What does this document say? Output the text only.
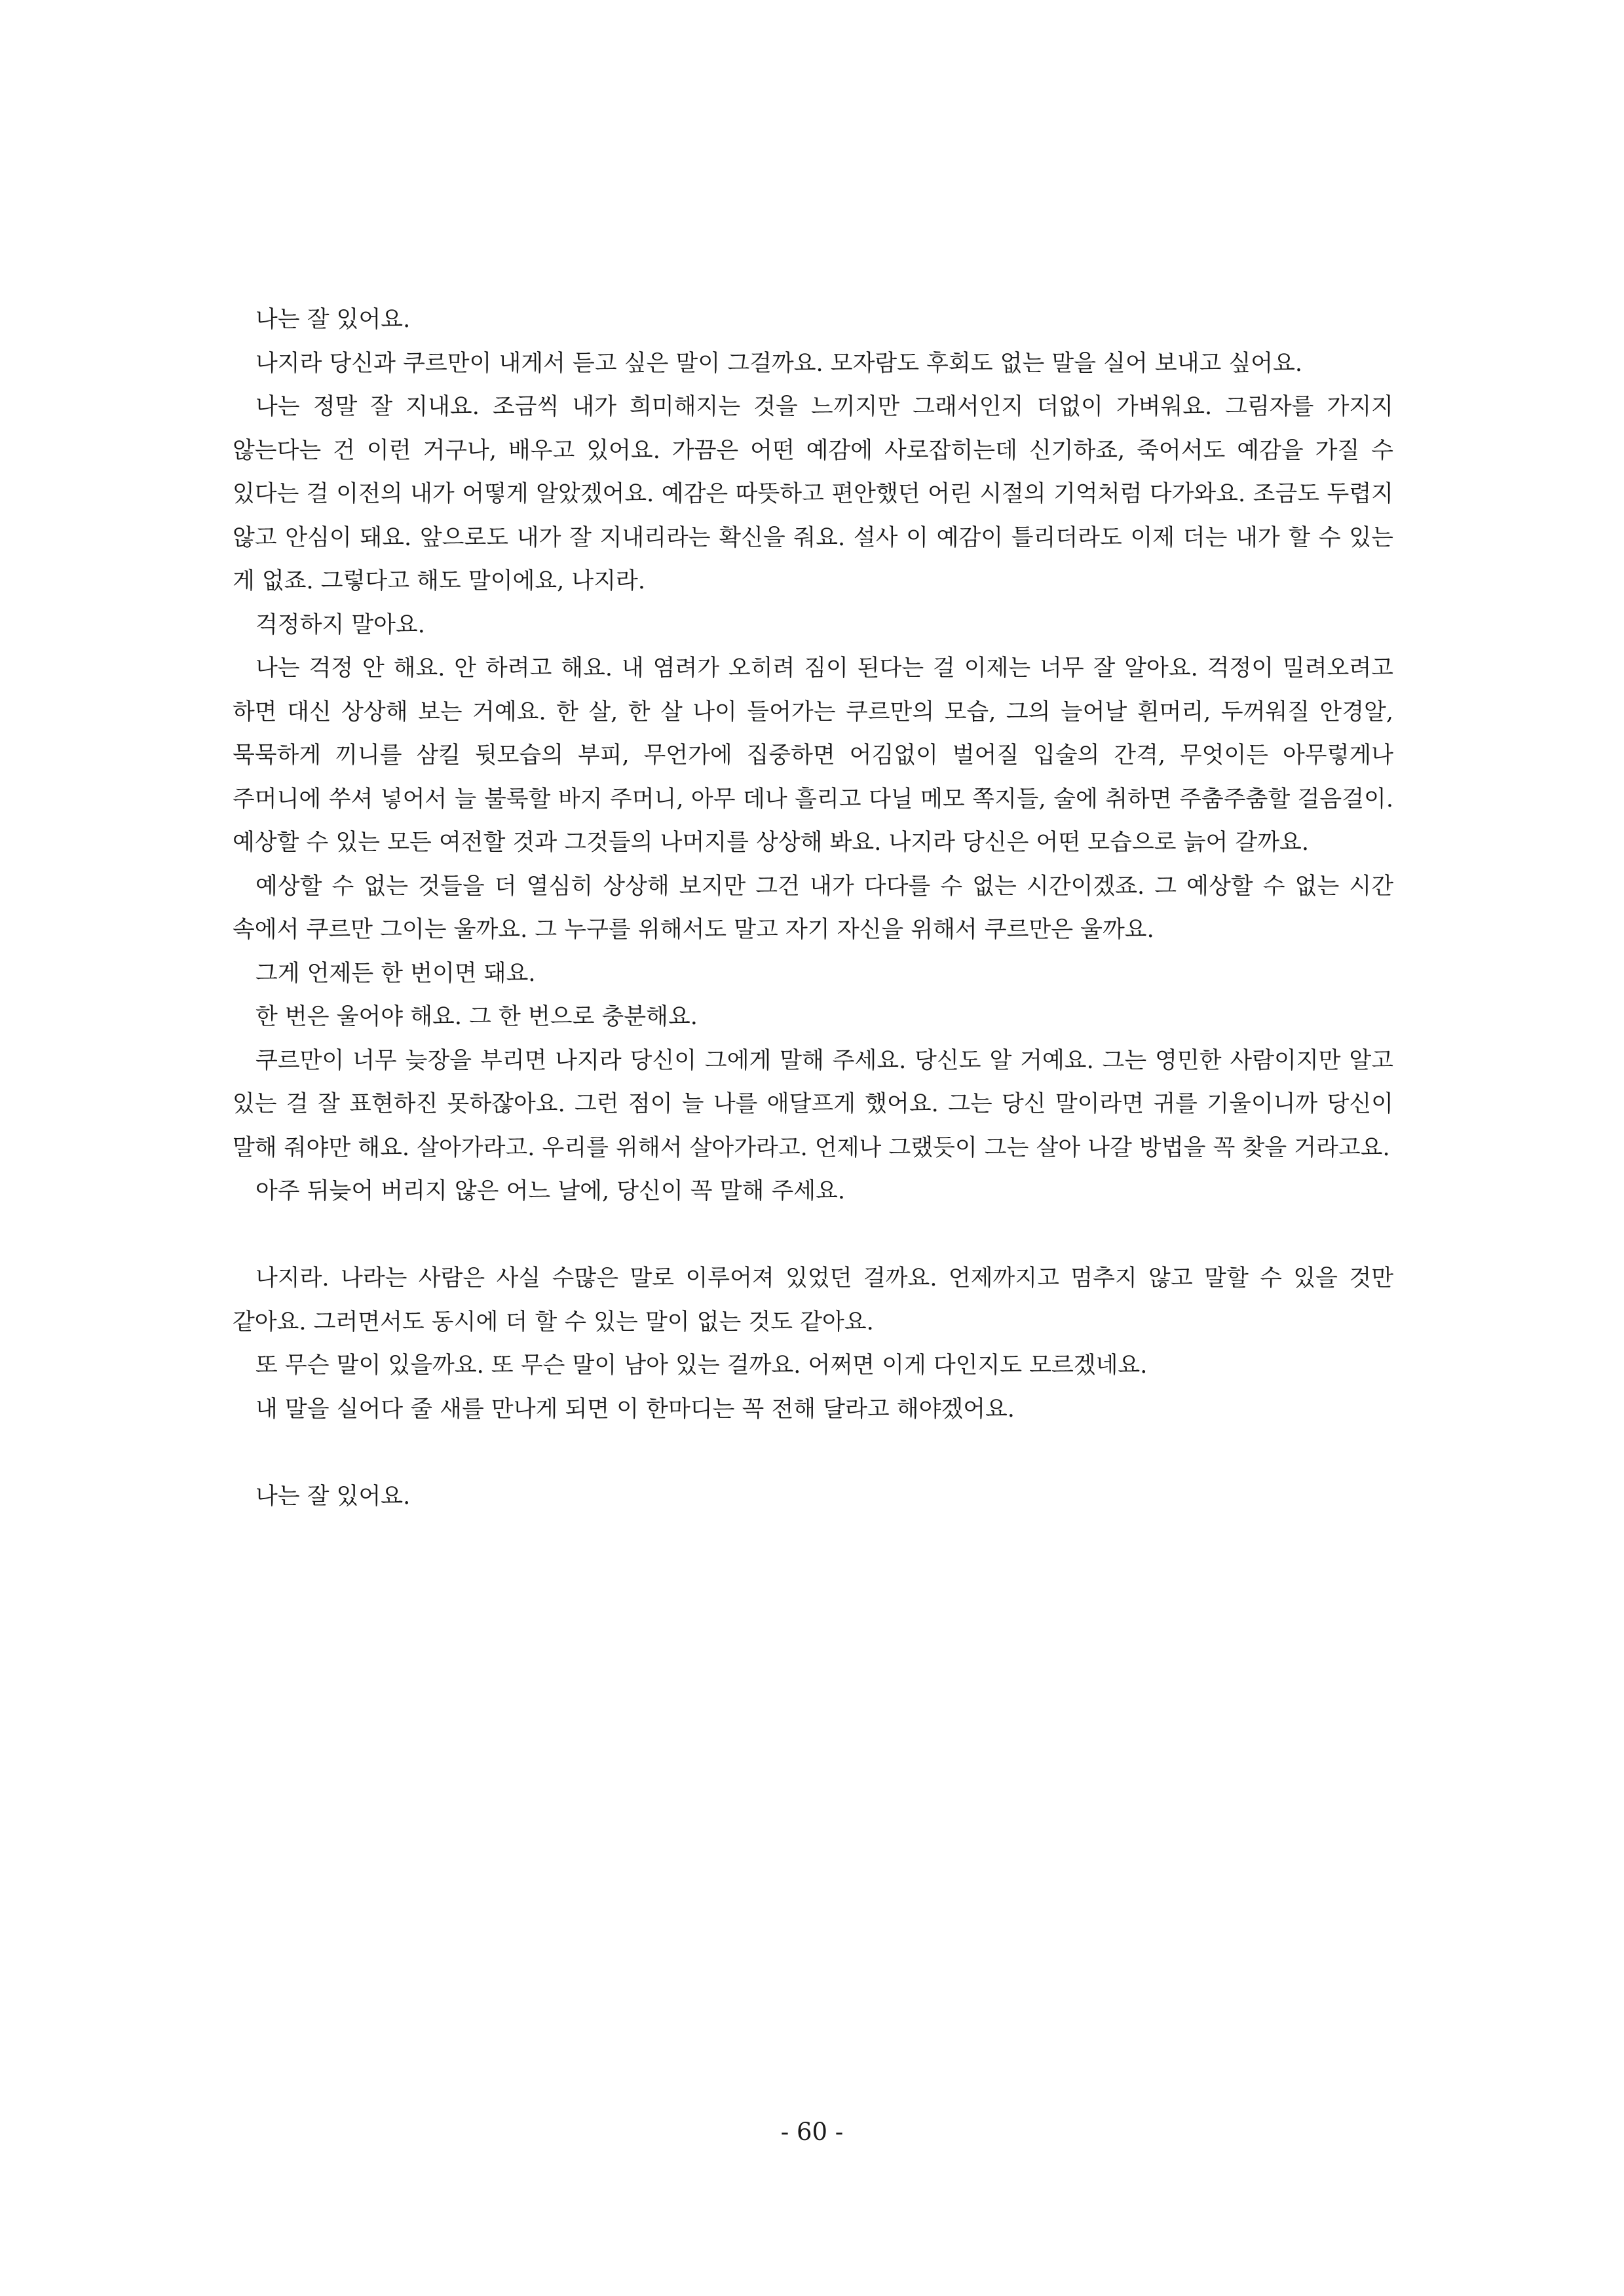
나는 잘 있어요.

나지라 당신과 쿠르만이 내게서 듣고 싶은 말이 그걸까요. 모자람도 후회도 없는 말을 실어 보내고 싶어요.

나는 정말 잘 지내요. 조금씩 내가 희미해지는 것을 느끼지만 그래서인지 더없이 가벼워요. 그림자를 가지지 않는다는 건 이런 거구나, 배우고 있어요. 가끔은 어떤 예감에 사로잡히는데 신기하죠, 죽어서도 예감을 가질 수 있다는 걸 이전의 내가 어떻게 알았겠어요. 예감은 따뜻하고 편안했던 어린 시절의 기억처럼 다가와요. 조금도 두렵지 않고 안심이 돼요. 앞으로도 내가 잘 지내리라는 확신을 줘요. 설사 이 예감이 틀리더라도 이제 더는 내가 할 수 있는 게 없죠. 그렇다고 해도 말이에요, 나지라.

걱정하지 말아요.

나는 걱정 안 해요. 안 하려고 해요. 내 염려가 오히려 짐이 된다는 걸 이제는 너무 잘 알아요. 걱정이 밀려오려고 하면 대신 상상해 보는 거예요. 한 살, 한 살 나이 들어가는 쿠르만의 모습, 그의 늘어날 흰머리, 두꺼워질 안경알, 묵묵하게 끼니를 삼킬 뒷모습의 부피, 무언가에 집중하면 어김없이 벌어질 입술의 간격, 무엇이든 아무렇게나 주머니에 쑤셔 넣어서 늘 불룩할 바지 주머니, 아무 데나 흘리고 다닐 메모 쪽지들, 술에 취하면 주춤주춤할 걸음걸이. 예상할 수 있는 모든 여전할 것과 그것들의 나머지를 상상해 봐요. 나지라 당신은 어떤 모습으로 늙어 갈까요.

예상할 수 없는 것들을 더 열심히 상상해 보지만 그건 내가 다다를 수 없는 시간이겠죠. 그 예상할 수 없는 시간 속에서 쿠르만 그이는 울까요. 그 누구를 위해서도 말고 자기 자신을 위해서 쿠르만은 울까요.

그게 언제든 한 번이면 돼요.

한 번은 울어야 해요. 그 한 번으로 충분해요.

쿠르만이 너무 늦장을 부리면 나지라 당신이 그에게 말해 주세요. 당신도 알 거예요. 그는 영민한 사람이지만 알고 있는 걸 잘 표현하진 못하잖아요. 그런 점이 늘 나를 애달프게 했어요. 그는 당신 말이라면 귀를 기울이니까 당신이 말해 줘야만 해요. 살아가라고. 우리를 위해서 살아가라고. 언제나 그랬듯이 그는 살아 나갈 방법을 꼭 찾을 거라고요.

아주 뒤늦어 버리지 않은 어느 날에, 당신이 꼭 말해 주세요.

나지라. 나라는 사람은 사실 수많은 말로 이루어져 있었던 걸까요. 언제까지고 멈추지 않고 말할 수 있을 것만 같아요. 그러면서도 동시에 더 할 수 있는 말이 없는 것도 같아요.

또 무슨 말이 있을까요. 또 무슨 말이 남아 있는 걸까요. 어쩌면 이게 다인지도 모르겠네요.

내 말을 실어다 줄 새를 만나게 되면 이 한마디는 꼭 전해 달라고 해야겠어요.

나는 잘 있어요.

- 60 -
